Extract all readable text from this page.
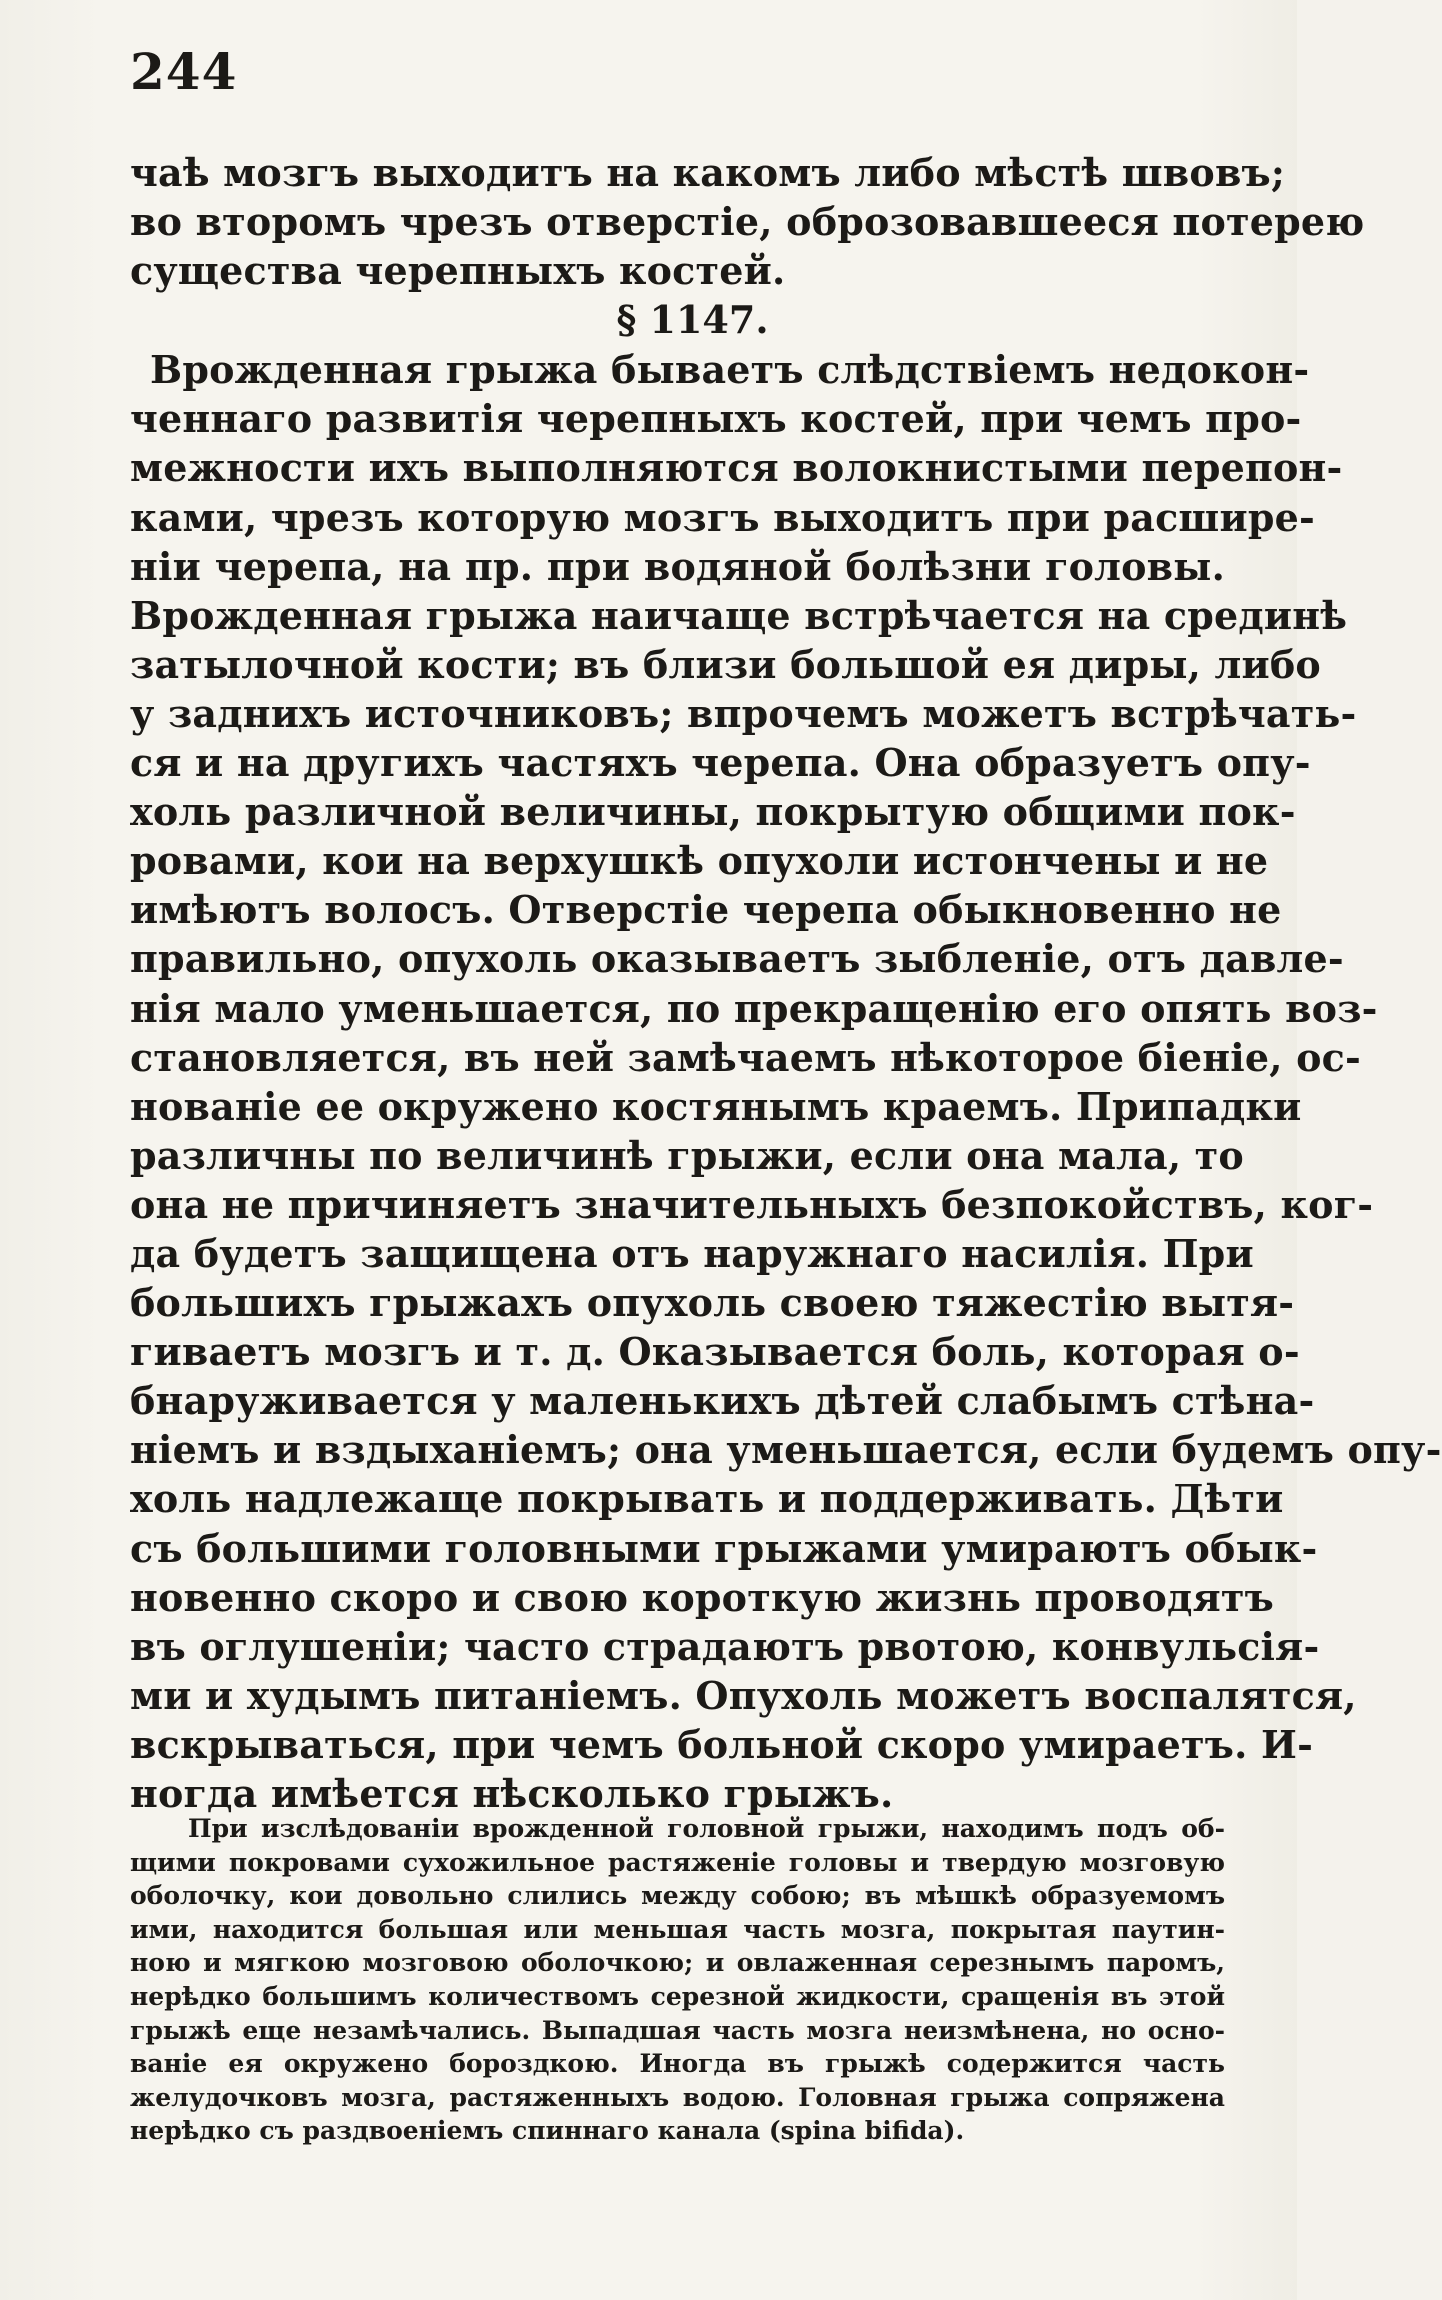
244
чаѣ мозгъ выходитъ на какомъ либо мѣстѣ швовъ;
во второмъ чрезъ отверстіе, оброзовавшееся потерею
существа черепныхъ костей.
§ 1147.
Врожденная грыжа бываетъ слѣдствіемъ недокон-
ченнаго развитія черепныхъ костей, при чемъ про-
межности ихъ выполняются волокнистыми перепон-
ками, чрезъ которую мозгъ выходитъ при расшире-
ніи черепа, на пр. при водяной болѣзни головы.
Врожденная грыжа наичаще встрѣчается на срединѣ
затылочной кости; въ близи большой ея диры, либо
у заднихъ источниковъ; впрочемъ можетъ встрѣчать-
ся и на другихъ частяхъ черепа. Она образуетъ опу-
холь различной величины, покрытую общими пок-
ровами, кои на верхушкѣ опухоли истончены и не
имѣютъ волосъ. Отверстіе черепа обыкновенно не
правильно, опухоль оказываетъ зыбленіе, отъ давле-
нія мало уменьшается, по прекращенію его опять воз-
становляется, въ ней замѣчаемъ нѣкоторое біеніе, ос-
нованіе ее окружено костянымъ краемъ. Припадки
различны по величинѣ грыжи, если она мала, то
она не причиняетъ значительныхъ безпокойствъ, ког-
да будетъ защищена отъ наружнаго насилія. При
большихъ грыжахъ опухоль своею тяжестію вытя-
гиваетъ мозгъ и т. д. Оказывается боль, которая о-
бнаруживается у маленькихъ дѣтей слабымъ стѣна-
ніемъ и вздыханіемъ; она уменьшается, если будемъ опу-
холь надлежаще покрывать и поддерживать. Дѣти
съ большими головными грыжами умираютъ обык-
новенно скоро и свою короткую жизнь проводятъ
въ оглушеніи; часто страдаютъ рвотою, конвульсія-
ми и худымъ питаніемъ. Опухоль можетъ воспалятся,
вскрываться, при чемъ больной скоро умираетъ. И-
ногда имѣется нѣсколько грыжъ.
При изслѣдованіи врожденной головной грыжи, находимъ подъ об-
щими покровами сухожильное растяженіе головы и твердую мозговую
оболочку, кои довольно слились между собою; въ мѣшкѣ образуемомъ
ими, находится большая или меньшая часть мозга, покрытая паутин-
ною и мягкою мозговою оболочкою; и овлаженная серезнымъ паромъ,
нерѣдко большимъ количествомъ серезной жидкости, сращенія въ этой
грыжѣ еще незамѣчались. Выпадшая часть мозга неизмѣнена, но осно-
ваніе ея окружено бороздкою. Иногда въ грыжѣ содержится часть
желудочковъ мозга, растяженныхъ водою. Головная грыжа сопряжена
нерѣдко съ раздвоеніемъ спиннаго канала (spina bifida).
